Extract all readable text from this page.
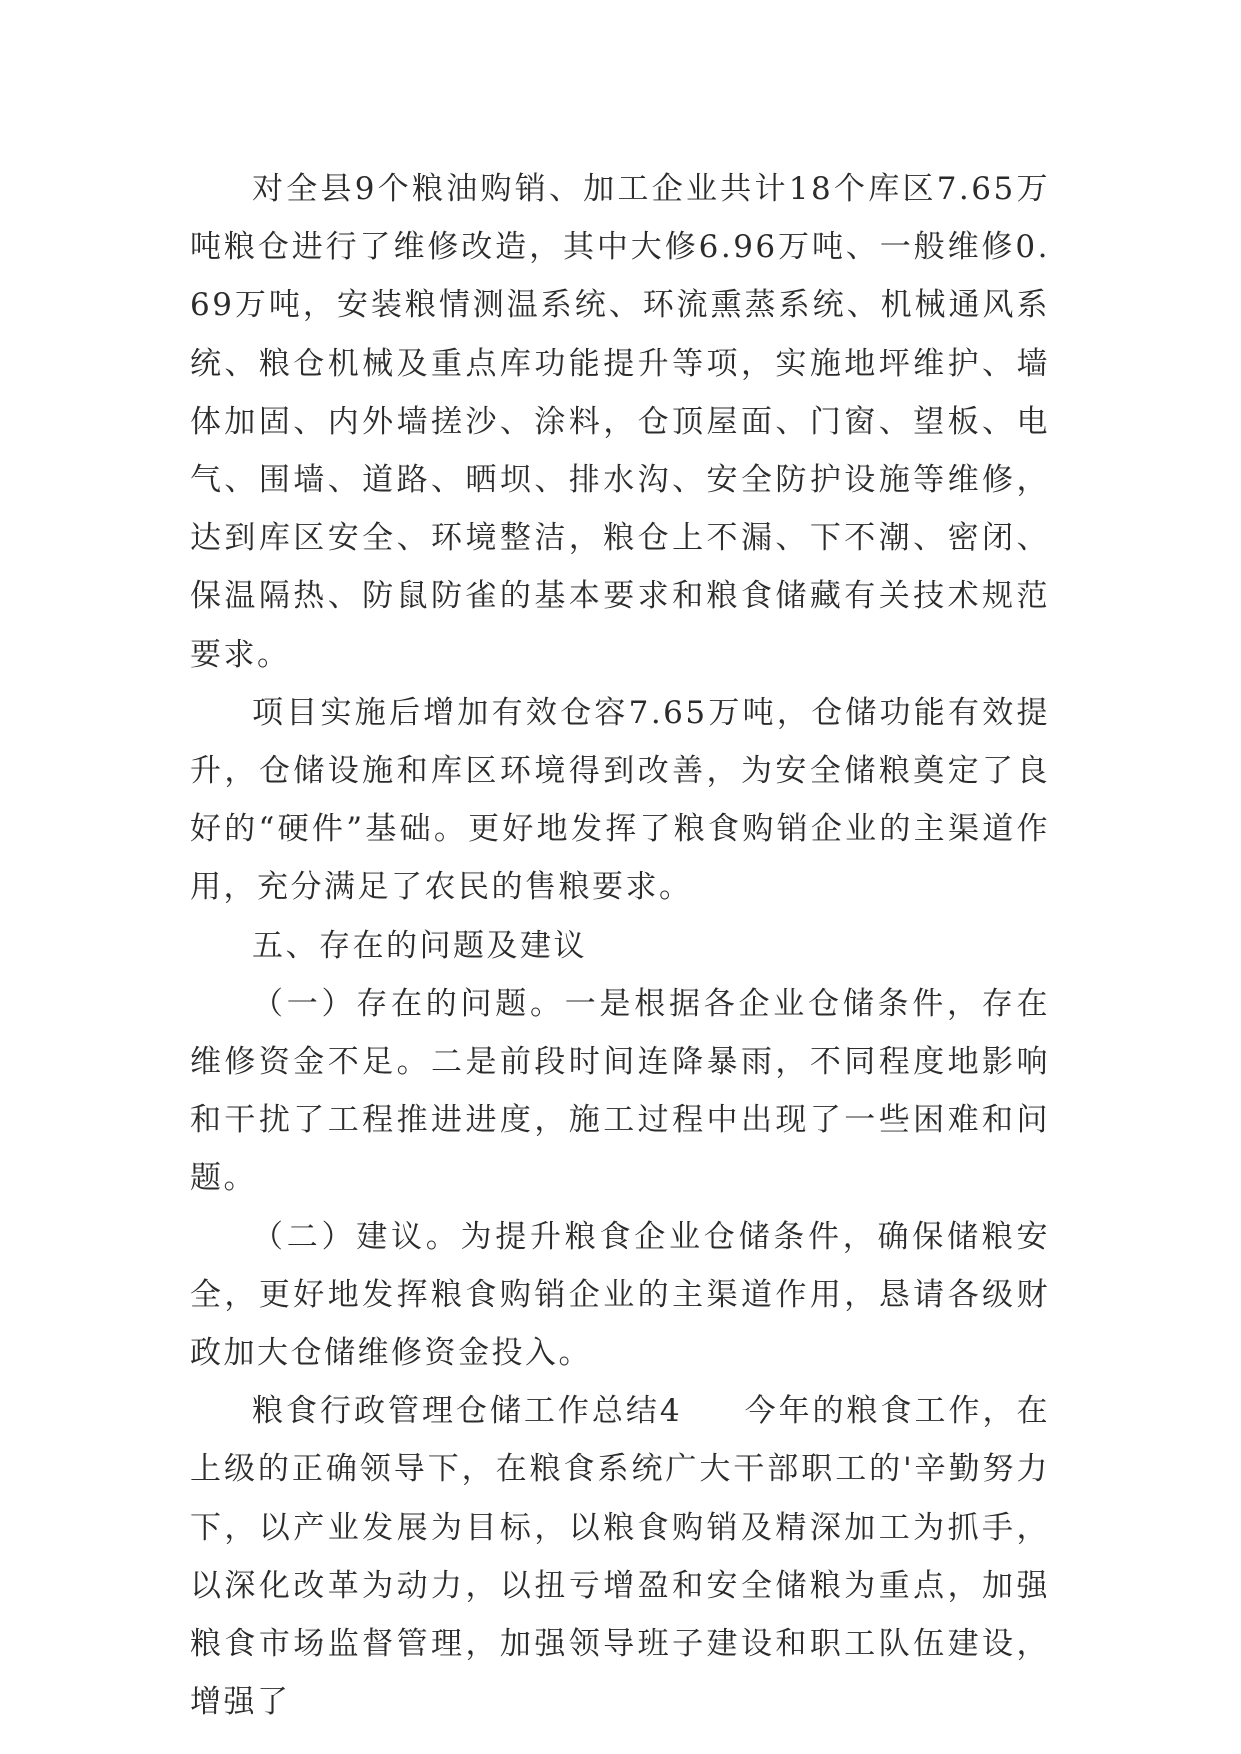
对全县9个粮油购销、加工企业共计18个库区7.65万吨粮仓进行了维修改造，其中大修6.96万吨、一般维修0.69万吨，安装粮情测温系统、环流熏蒸系统、机械通风系统、粮仓机械及重点库功能提升等项，实施地坪维护、墙体加固、内外墙搓沙、涂料，仓顶屋面、门窗、望板、电气、围墙、道路、晒坝、排水沟、安全防护设施等维修，达到库区安全、环境整洁，粮仓上不漏、下不潮、密闭、保温隔热、防鼠防雀的基本要求和粮食储藏有关技术规范要求。

项目实施后增加有效仓容7.65万吨，仓储功能有效提升，仓储设施和库区环境得到改善，为安全储粮奠定了良好的“硬件”基础。更好地发挥了粮食购销企业的主渠道作用，充分满足了农民的售粮要求。

五、存在的问题及建议

（一）存在的问题。一是根据各企业仓储条件，存在维修资金不足。二是前段时间连降暴雨，不同程度地影响和干扰了工程推进进度，施工过程中出现了一些困难和问题。

（二）建议。为提升粮食企业仓储条件，确保储粮安全，更好地发挥粮食购销企业的主渠道作用，恳请各级财政加大仓储维修资金投入。

粮食行政管理仓储工作总结4 今年的粮食工作，在上级的正确领导下，在粮食系统广大干部职工的'辛勤努力下，以产业发展为目标，以粮食购销及精深加工为抓手，以深化改革为动力，以扭亏增盈和安全储粮为重点，加强粮食市场监督管理，加强领导班子建设和职工队伍建设，增强了
